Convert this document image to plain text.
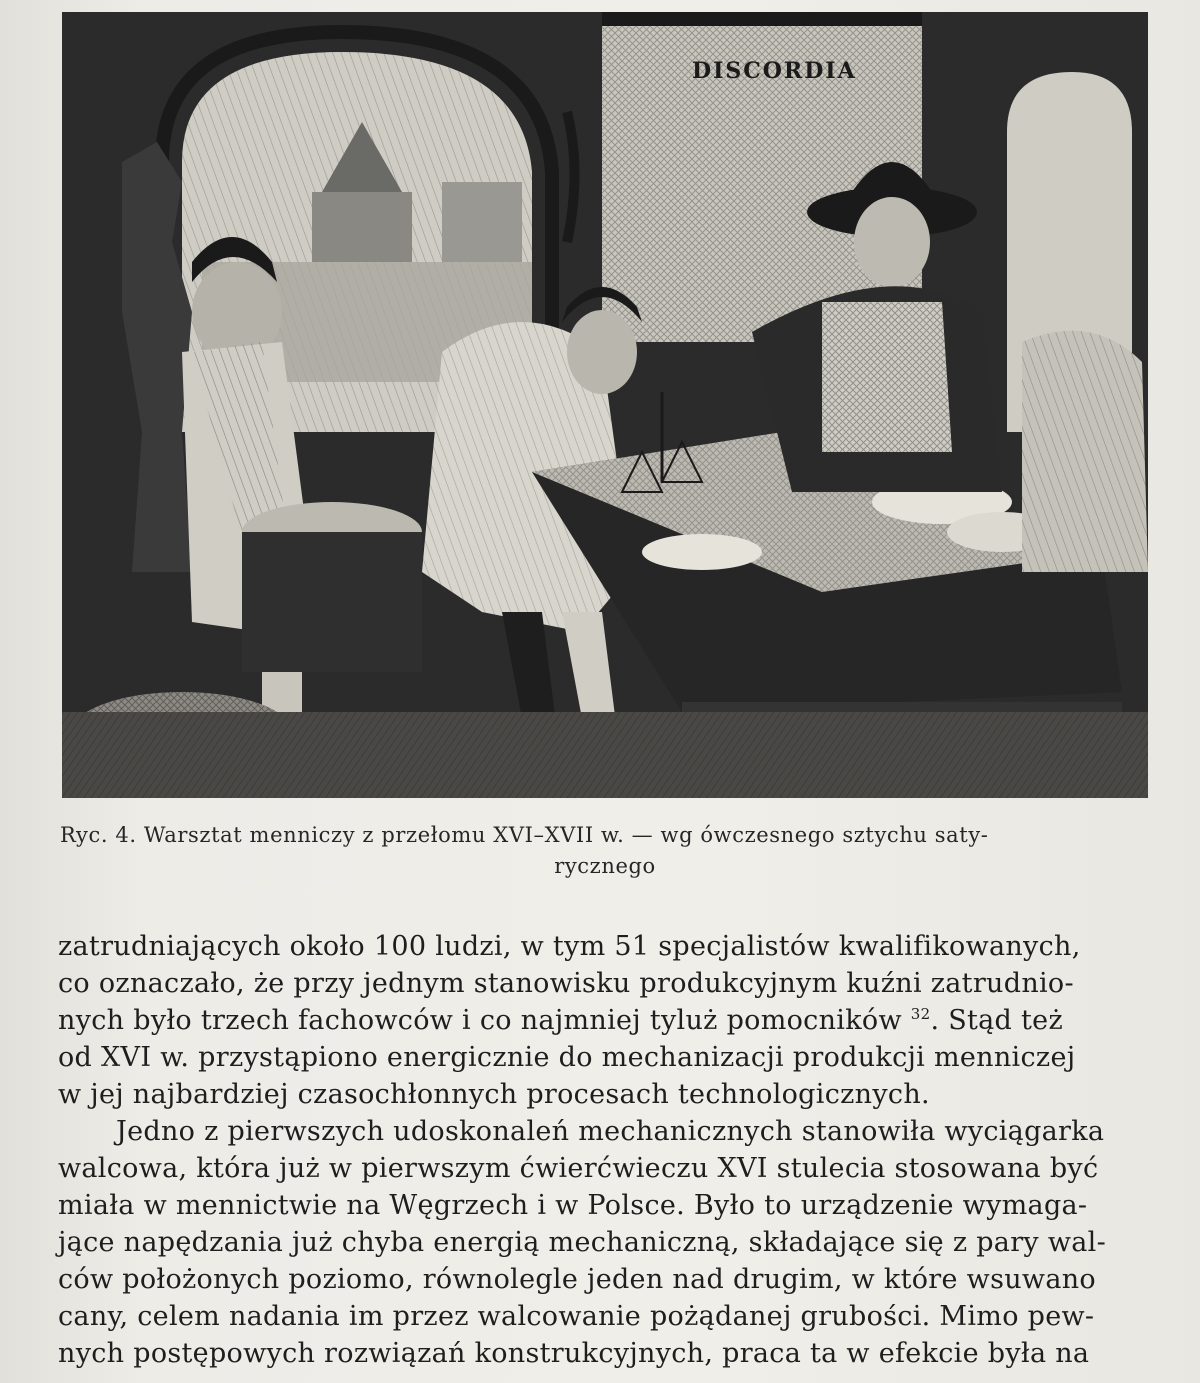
DISCORDIA
Ryc. 4. Warsztat menniczy z przełomu XVI–XVII w. — wg ówczesnego sztychu saty-
rycznego
zatrudniających około 100 ludzi, w tym 51 specjalistów kwalifikowanych,
co oznaczało, że przy jednym stanowisku produkcyjnym kuźni zatrudnio-
nych było trzech fachowców i co najmniej tyluż pomocników $^{32}$. Stąd też
od XVI w. przystąpiono energicznie do mechanizacji produkcji menniczej
w jej najbardziej czasochłonnych procesach technologicznych.
Jedno z pierwszych udoskonaleń mechanicznych stanowiła wyciągarka
walcowa, która już w pierwszym ćwierćwieczu XVI stulecia stosowana być
miała w mennictwie na Węgrzech i w Polsce. Było to urządzenie wymaga-
jące napędzania już chyba energią mechaniczną, składające się z pary wal-
ców położonych poziomo, równolegle jeden nad drugim, w które wsuwano
cany, celem nadania im przez walcowanie pożądanej grubości. Mimo pew-
nych postępowych rozwiązań konstrukcyjnych, praca ta w efekcie była na
